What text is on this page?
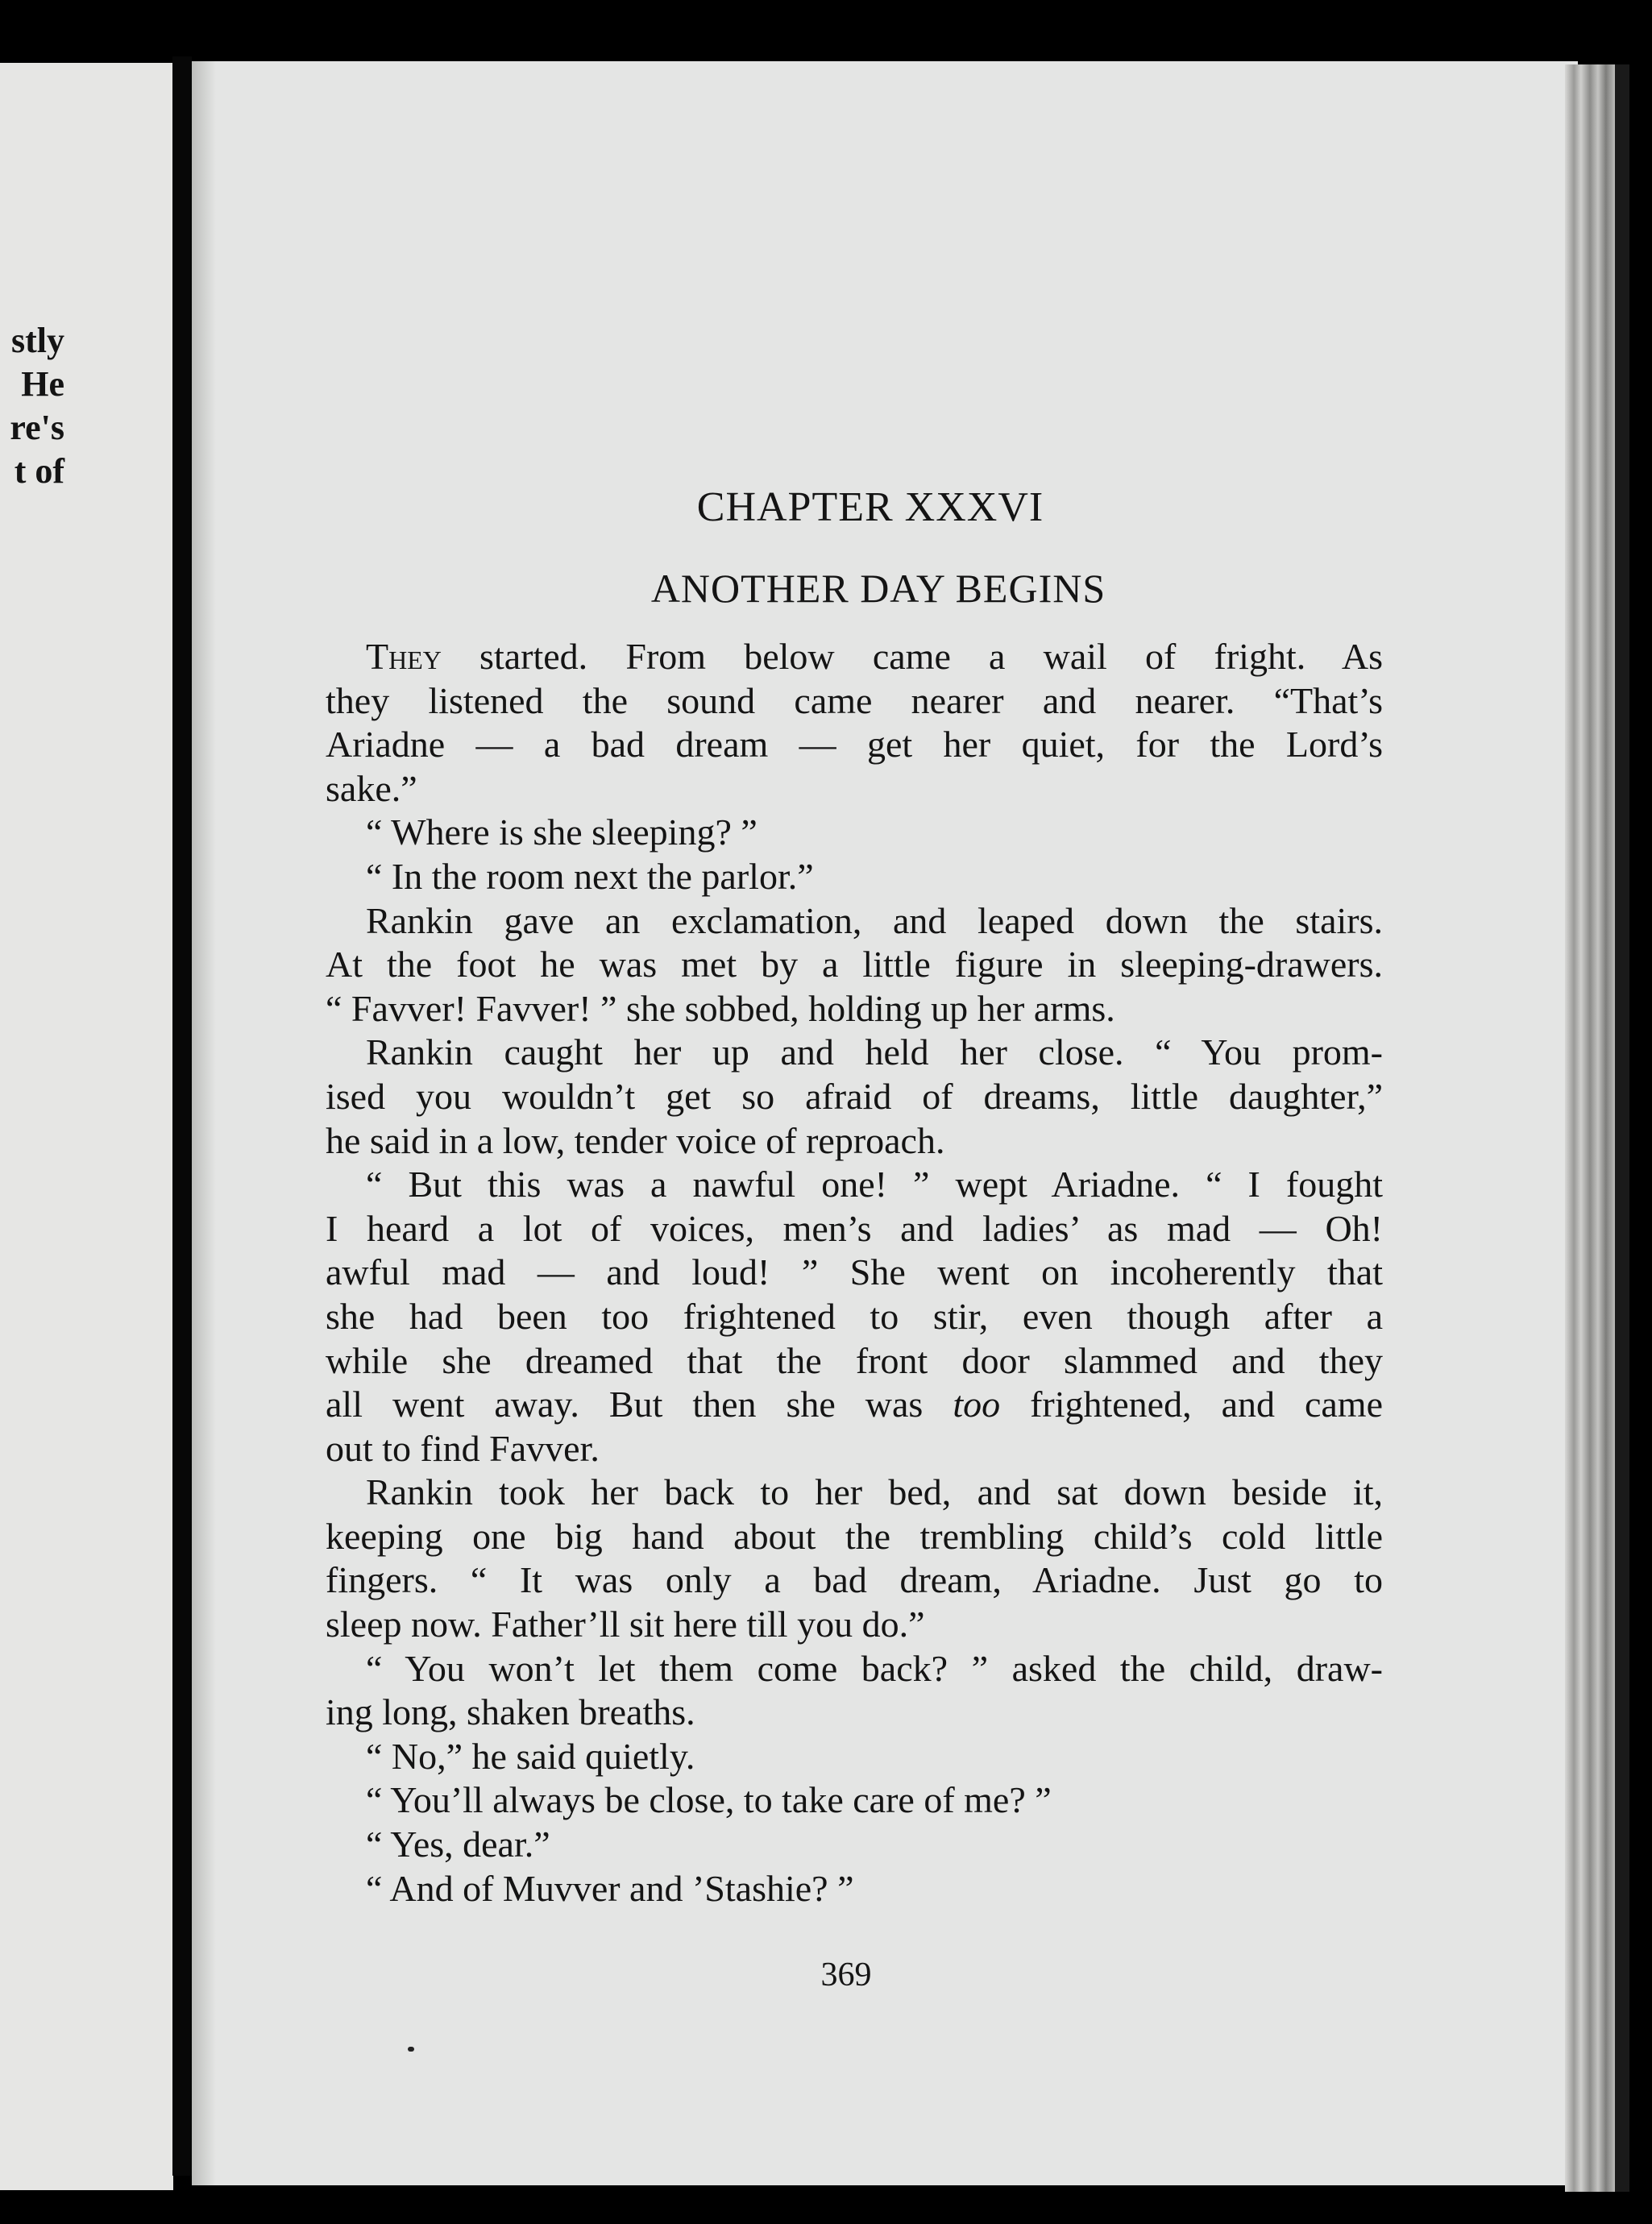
stly
He
re's
t of
CHAPTER XXXVI
ANOTHER DAY BEGINS
They started. From below came a wail of fright. As
they listened the sound came nearer and nearer. “That’s
Ariadne — a bad dream — get her quiet, for the Lord’s
sake.”
“ Where is she sleeping? ”
“ In the room next the parlor.”
Rankin gave an exclamation, and leaped down the stairs.
At the foot he was met by a little figure in sleeping-drawers.
“ Favver! Favver! ” she sobbed, holding up her arms.
Rankin caught her up and held her close. “ You prom-
ised you wouldn’t get so afraid of dreams, little daughter,”
he said in a low, tender voice of reproach.
“ But this was a nawful one! ” wept Ariadne. “ I fought
I heard a lot of voices, men’s and ladies’ as mad — Oh!
awful mad — and loud! ” She went on incoherently that
she had been too frightened to stir, even though after a
while she dreamed that the front door slammed and they
all went away. But then she was too frightened, and came
out to find Favver.
Rankin took her back to her bed, and sat down beside it,
keeping one big hand about the trembling child’s cold little
fingers. “ It was only a bad dream, Ariadne. Just go to
sleep now. Father’ll sit here till you do.”
“ You won’t let them come back? ” asked the child, draw-
ing long, shaken breaths.
“ No,” he said quietly.
“ You’ll always be close, to take care of me? ”
“ Yes, dear.”
“ And of Muvver and ’Stashie? ”
369
